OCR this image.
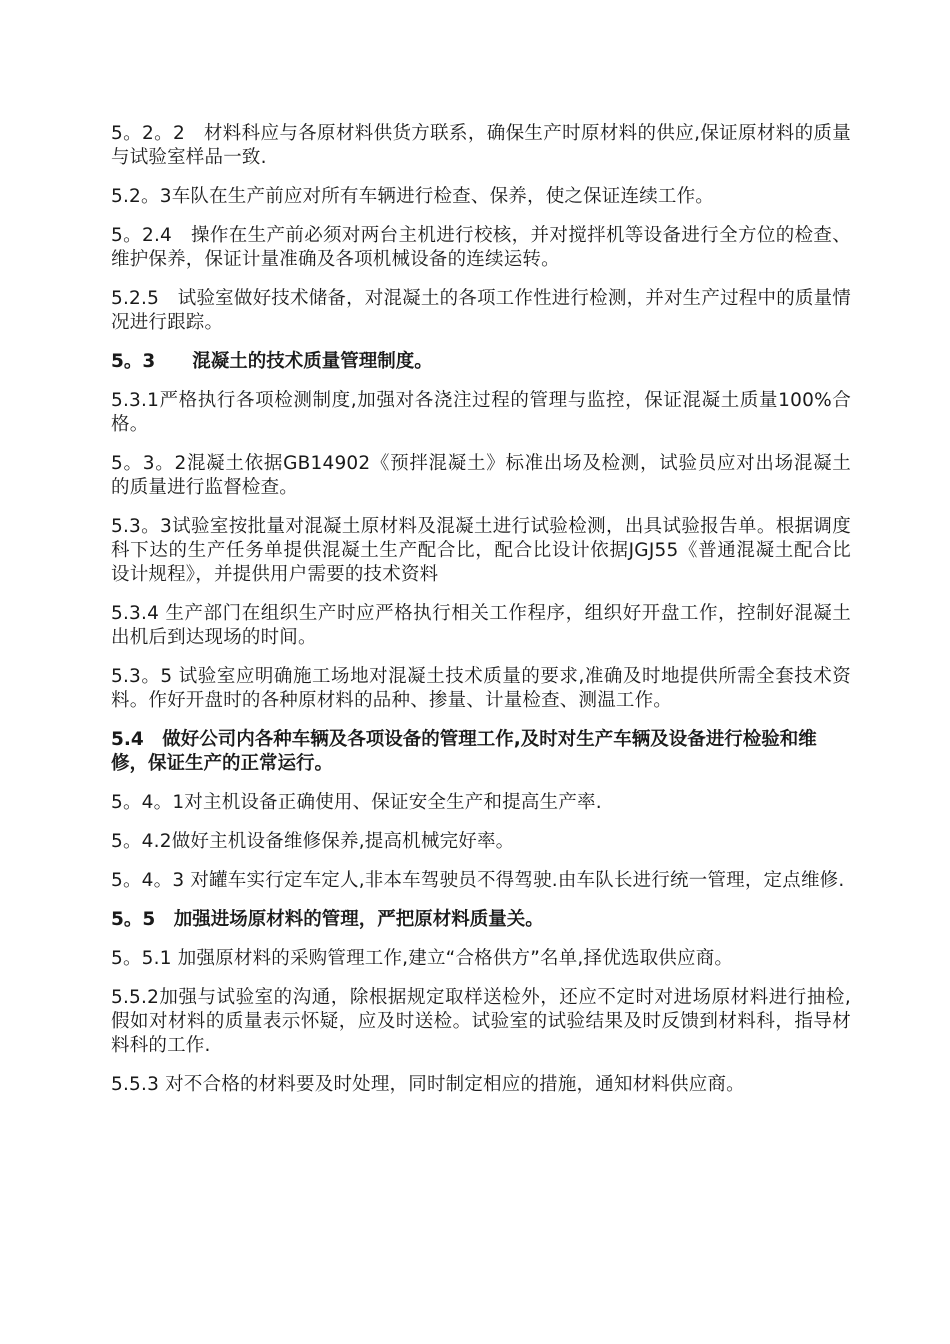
5。2。2　材料科应与各原材料供货方联系，确保生产时原材料的供应,保证原材料的质量与试验室样品一致.

5.2。3车队在生产前应对所有车辆进行检查、保养，使之保证连续工作。

5。2.4　操作在生产前必须对两台主机进行校核，并对搅拌机等设备进行全方位的检查、维护保养，保证计量准确及各项机械设备的连续运转。

5.2.5　试验室做好技术储备，对混凝土的各项工作性进行检测，并对生产过程中的质量情况进行跟踪。

5。3　　混凝土的技术质量管理制度。

5.3.1严格执行各项检测制度,加强对各浇注过程的管理与监控，保证混凝土质量100%合格。

5。3。2混凝土依据GB14902《预拌混凝土》标准出场及检测，试验员应对出场混凝土的质量进行监督检查。

5.3。3试验室按批量对混凝土原材料及混凝土进行试验检测，出具试验报告单。根据调度科下达的生产任务单提供混凝土生产配合比，配合比设计依据JGJ55《普通混凝土配合比设计规程》，并提供用户需要的技术资料

5.3.4 生产部门在组织生产时应严格执行相关工作程序，组织好开盘工作，控制好混凝土出机后到达现场的时间。

5.3。5 试验室应明确施工场地对混凝土技术质量的要求,准确及时地提供所需全套技术资料。作好开盘时的各种原材料的品种、掺量、计量检查、测温工作。

5.4　做好公司内各种车辆及各项设备的管理工作,及时对生产车辆及设备进行检验和维修，保证生产的正常运行。

5。4。1对主机设备正确使用、保证安全生产和提高生产率.

5。4.2做好主机设备维修保养,提高机械完好率。

5。4。3 对罐车实行定车定人,非本车驾驶员不得驾驶.由车队长进行统一管理，定点维修.

5。5　加强进场原材料的管理，严把原材料质量关。

5。5.1 加强原材料的采购管理工作,建立“合格供方”名单,择优选取供应商。

5.5.2加强与试验室的沟通，除根据规定取样送检外，还应不定时对进场原材料进行抽检,假如对材料的质量表示怀疑，应及时送检。试验室的试验结果及时反馈到材料科，指导材料科的工作.

5.5.3 对不合格的材料要及时处理，同时制定相应的措施，通知材料供应商。
